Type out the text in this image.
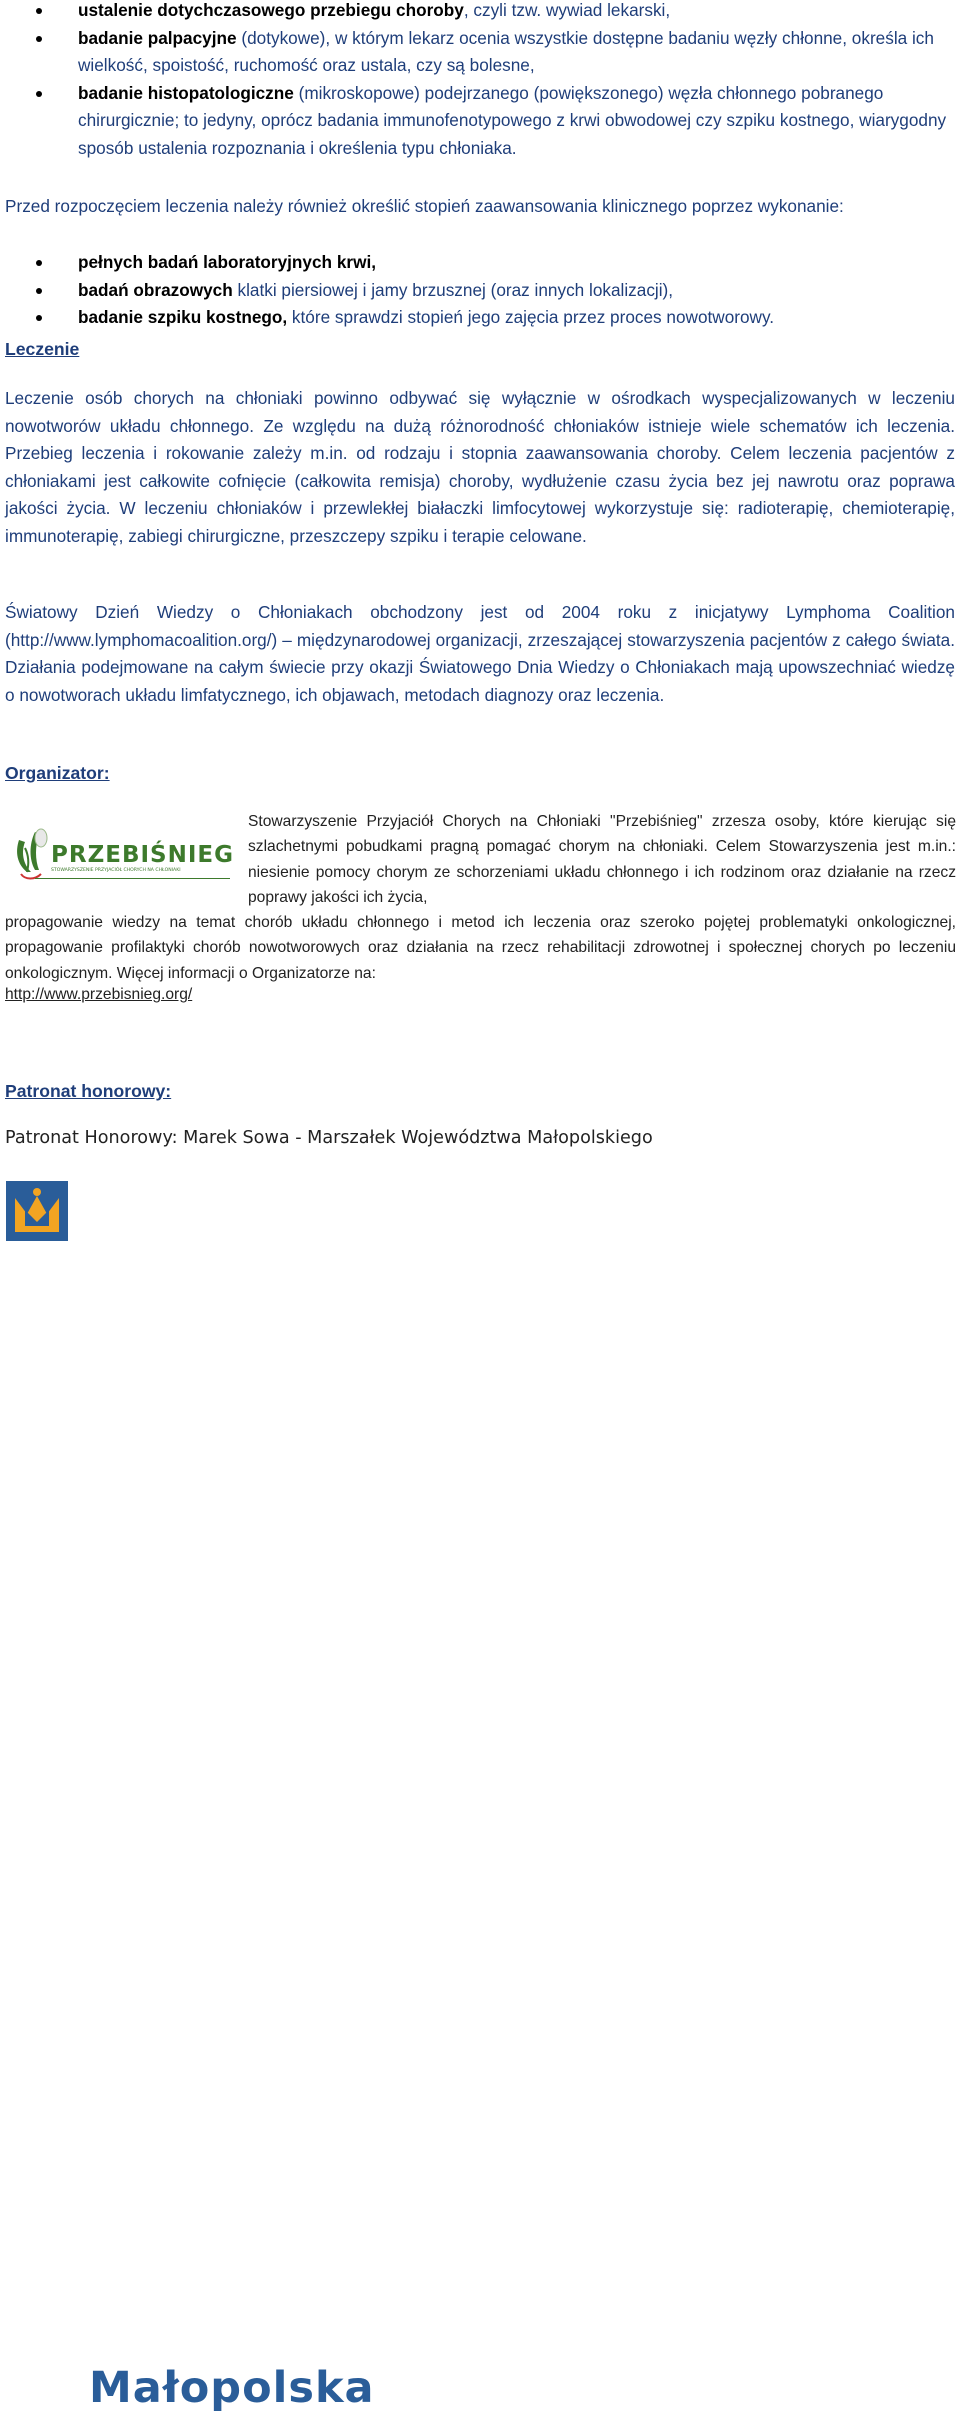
ustalenie dotychczasowego przebiegu choroby, czyli tzw. wywiad lekarski,
badanie palpacyjne (dotykowe), w którym lekarz ocenia wszystkie dostępne badaniu węzły chłonne, określa ich wielkość, spoistość, ruchomość oraz ustala, czy są bolesne,
badanie histopatologiczne (mikroskopowe) podejrzanego (powiększonego) węzła chłonnego pobranego chirurgicznie; to jedyny, oprócz badania immunofenotypowego z krwi obwodowej czy szpiku kostnego, wiarygodny sposób ustalenia rozpoznania i określenia typu chłoniaka.

Przed rozpoczęciem leczenia należy również określić stopień zaawansowania klinicznego poprzez wykonanie:

pełnych badań laboratoryjnych krwi,
badań obrazowych klatki piersiowej i jamy brzusznej (oraz innych lokalizacji),
badanie szpiku kostnego, które sprawdzi stopień jego zajęcia przez proces nowotworowy.

Leczenie

Leczenie osób chorych na chłoniaki powinno odbywać się wyłącznie w ośrodkach wyspecjalizowanych w leczeniu nowotworów układu chłonnego. Ze względu na dużą różnorodność chłoniaków istnieje wiele schematów ich leczenia. Przebieg leczenia i rokowanie zależy m.in. od rodzaju i stopnia zaawansowania choroby. Celem leczenia pacjentów z chłoniakami jest całkowite cofnięcie (całkowita remisja) choroby, wydłużenie czasu życia bez jej nawrotu oraz poprawa jakości życia. W leczeniu chłoniaków i przewlekłej białaczki limfocytowej wykorzystuje się: radioterapię, chemioterapię, immunoterapię, zabiegi chirurgiczne, przeszczepy szpiku i terapie celowane.

Światowy Dzień Wiedzy o Chłoniakach obchodzony jest od 2004 roku z inicjatywy Lymphoma Coalition (http://www.lymphomacoalition.org/) – międzynarodowej organizacji, zrzeszającej stowarzyszenia pacjentów z całego świata. Działania podejmowane na całym świecie przy okazji Światowego Dnia Wiedzy o Chłoniakach mają upowszechniać wiedzę o nowotworach układu limfatycznego, ich objawach, metodach diagnozy oraz leczenia.

Organizator:

PRZEBIŚNIEG
STOWARZYSZENIE PRZYJACIÓŁ CHORYCH NA CHŁONIAKI

Stowarzyszenie Przyjaciół Chorych na Chłoniaki "Przebiśnieg" zrzesza osoby, które kierując się szlachetnymi pobudkami pragną pomagać chorym na chłoniaki. Celem Stowarzyszenia jest m.in.: niesienie pomocy chorym ze schorzeniami układu chłonnego i ich rodzinom oraz działanie na rzecz poprawy jakości ich życia,

propagowanie wiedzy na temat chorób układu chłonnego i metod ich leczenia oraz szeroko pojętej problematyki onkologicznej, propagowanie profilaktyki chorób nowotworowych oraz działania na rzecz rehabilitacji zdrowotnej i społecznej chorych po leczeniu onkologicznym. Więcej informacji o Organizatorze na:

http://www.przebisnieg.org/

Patronat honorowy:

Patronat Honorowy: Marek Sowa - Marszałek Województwa Małopolskiego

Małopolska
